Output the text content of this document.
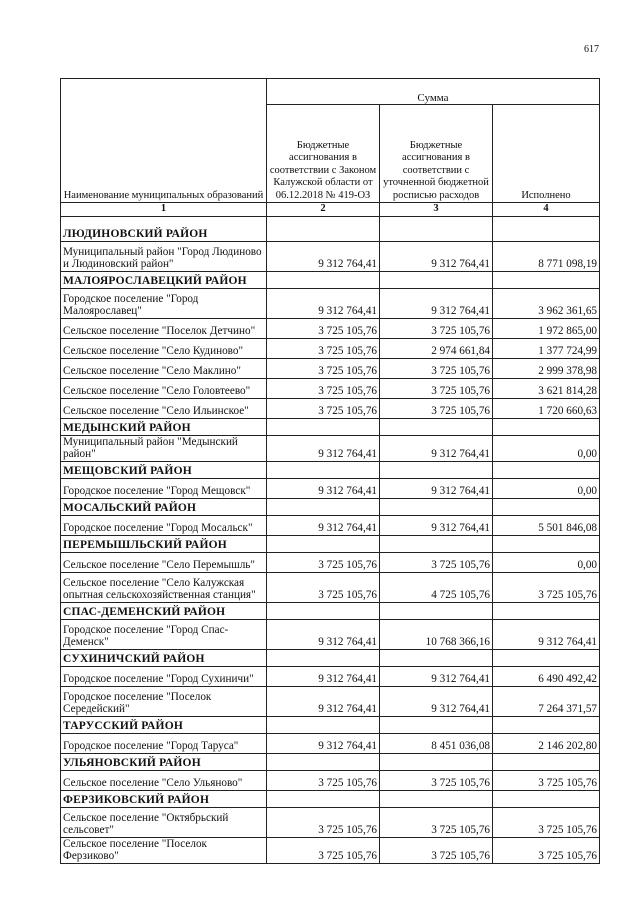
617
Наименование муниципальных образований	Сумма		
	Бюджетные ассигнования в соответствии с Законом Калужской области от 06.12.2018 № 419-ОЗ	Бюджетные ассигнования в соответствии с уточненной бюджетной росписью расходов	Исполнено
1	2	3	4
ЛЮДИНОВСКИЙ РАЙОН			
Муниципальный район "Город Людиново и Людиновский район"	9 312 764,41	9 312 764,41	8 771 098,19
МАЛОЯРОСЛАВЕЦКИЙ РАЙОН			
Городское поселение "Город Малоярославец"	9 312 764,41	9 312 764,41	3 962 361,65
Сельское поселение "Поселок Детчино"	3 725 105,76	3 725 105,76	1 972 865,00
Сельское поселение "Село Кудиново"	3 725 105,76	2 974 661,84	1 377 724,99
Сельское поселение "Село Маклино"	3 725 105,76	3 725 105,76	2 999 378,98
Сельское поселение "Село Головтеево"	3 725 105,76	3 725 105,76	3 621 814,28
Сельское поселение "Село Ильинское"	3 725 105,76	3 725 105,76	1 720 660,63
МЕДЫНСКИЙ РАЙОН			
Муниципальный район "Медынский район"	9 312 764,41	9 312 764,41	0,00
МЕЩОВСКИЙ РАЙОН			
Городское поселение "Город Мещовск"	9 312 764,41	9 312 764,41	0,00
МОСАЛЬСКИЙ РАЙОН			
Городское поселение "Город Мосальск"	9 312 764,41	9 312 764,41	5 501 846,08
ПЕРЕМЫШЛЬСКИЙ РАЙОН			
Сельское поселение "Село Перемышль"	3 725 105,76	3 725 105,76	0,00
Сельское поселение "Село Калужская опытная сельскохозяйственная станция"	3 725 105,76	4 725 105,76	3 725 105,76
СПАС-ДЕМЕНСКИЙ РАЙОН			
Городское поселение "Город Спас-Деменск"	9 312 764,41	10 768 366,16	9 312 764,41
СУХИНИЧСКИЙ РАЙОН			
Городское поселение "Город Сухиничи"	9 312 764,41	9 312 764,41	6 490 492,42
Городское поселение "Поселок Середейский"	9 312 764,41	9 312 764,41	7 264 371,57
ТАРУССКИЙ РАЙОН			
Городское поселение "Город Таруса"	9 312 764,41	8 451 036,08	2 146 202,80
УЛЬЯНОВСКИЙ РАЙОН			
Сельское поселение "Село Ульяново"	3 725 105,76	3 725 105,76	3 725 105,76
ФЕРЗИКОВСКИЙ РАЙОН			
Сельское поселение "Октябрьский сельсовет"	3 725 105,76	3 725 105,76	3 725 105,76
Сельское поселение "Поселок Ферзиково"	3 725 105,76	3 725 105,76	3 725 105,76
